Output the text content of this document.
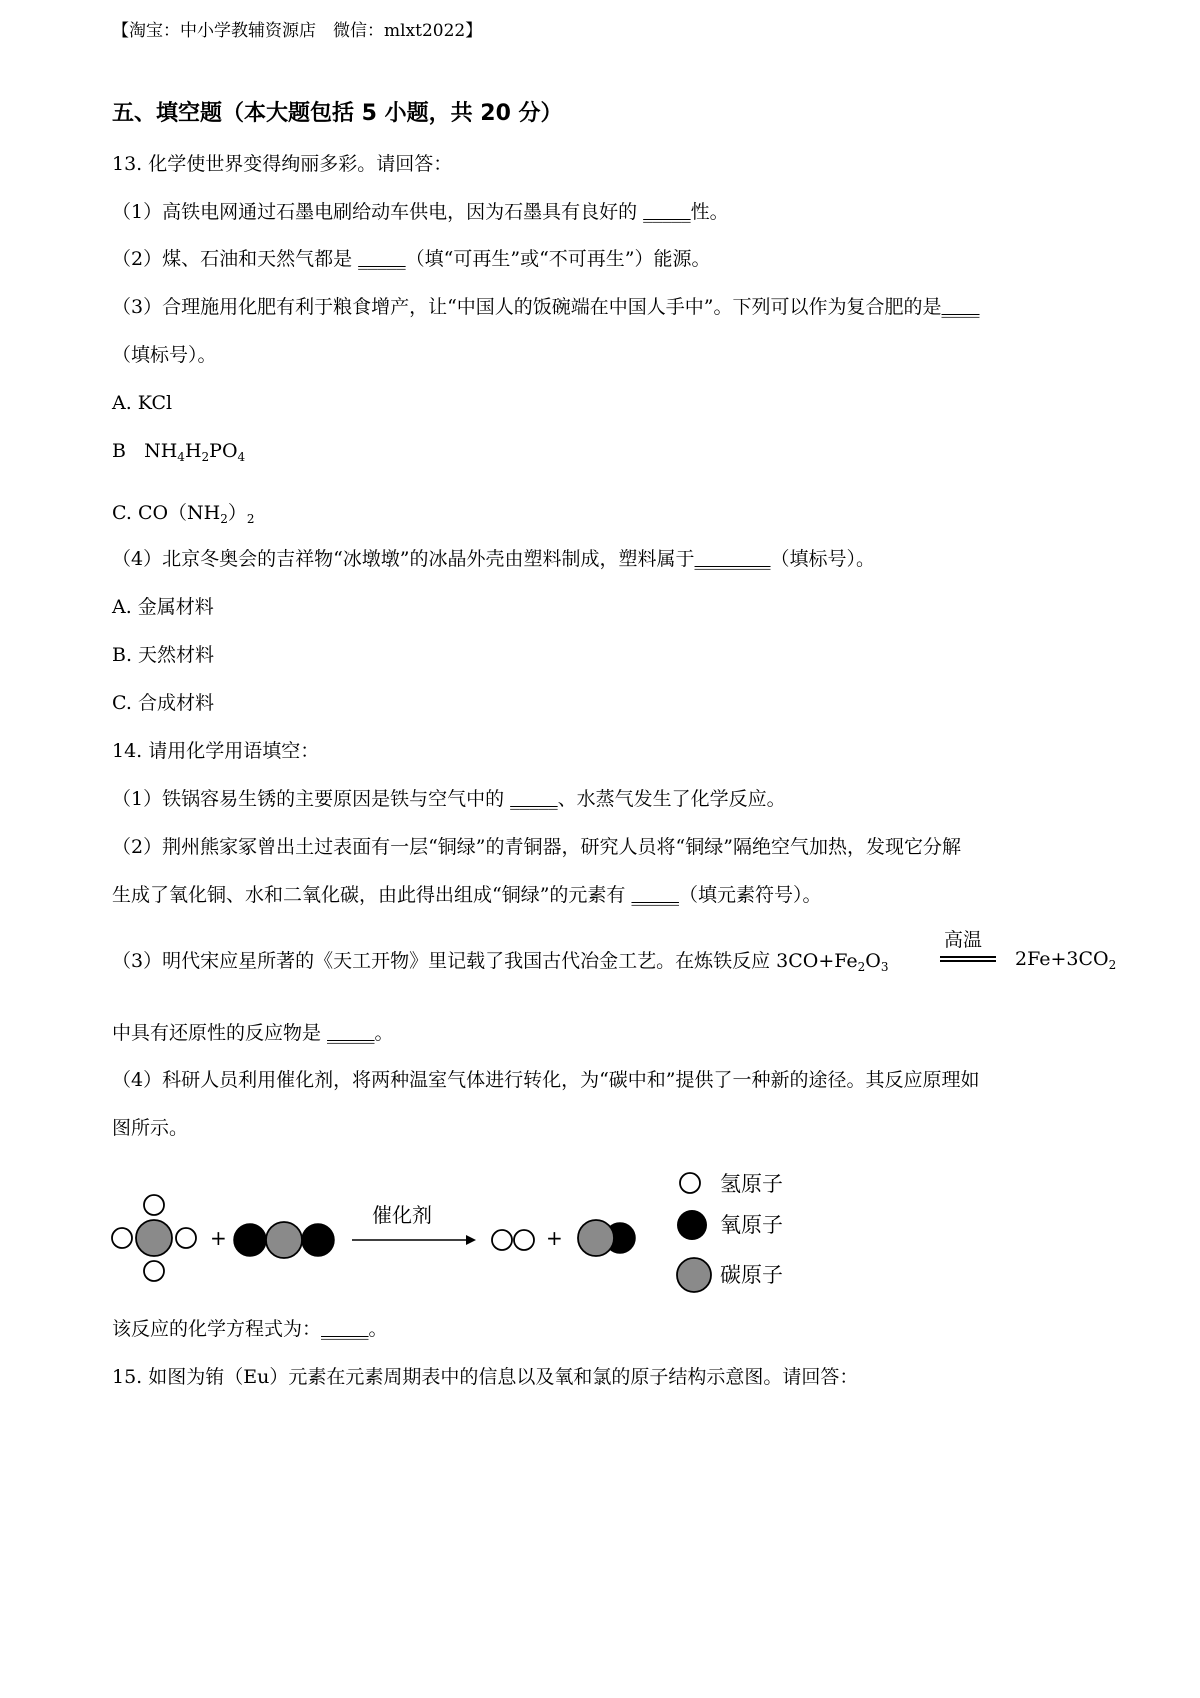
【淘宝：中小学教辅资源店　微信：mlxt2022】
五、填空题（本大题包括 5 小题，共 20 分）
13. 化学使世界变得绚丽多彩。请回答：
（1）高铁电网通过石墨电刷给动车供电，因为石墨具有良好的 _____性。
（2）煤、石油和天然气都是 _____（填“可再生”或“不可再生”）能源。
（3）合理施用化肥有利于粮食增产，让“中国人的饭碗端在中国人手中”。下列可以作为复合肥的是____
（填标号）。
A. KCl
B   $NH_4H_2PO_4$
C. $CO(NH_2)_2$
（4）北京冬奥会的吉祥物“冰墩墩”的冰晶外壳由塑料制成，塑料属于________（填标号）。
A. 金属材料
B. 天然材料
C. 合成材料
14. 请用化学用语填空：
（1）铁锅容易生锈的主要原因是铁与空气中的 _____、水蒸气发生了化学反应。
（2）荆州熊家冢曾出土过表面有一层“铜绿”的青铜器，研究人员将“铜绿”隔绝空气加热，发现它分解
生成了氧化铜、水和二氧化碳，由此得出组成“铜绿”的元素有 _____（填元素符号）。
（3）明代宋应星所著的《天工开物》里记载了我国古代冶金工艺。在炼铁反应 $3CO+Fe_2O_3$
高温
$2Fe+3CO_2$
中具有还原性的反应物是 _____。
（4）科研人员利用催化剂，将两种温室气体进行转化，为“碳中和”提供了一种新的途径。其反应原理如
图所示。
+
催化剂
+
氢原子
氧原子
碳原子
该反应的化学方程式为：_____。
15. 如图为铕（Eu）元素在元素周期表中的信息以及氧和氯的原子结构示意图。请回答：
